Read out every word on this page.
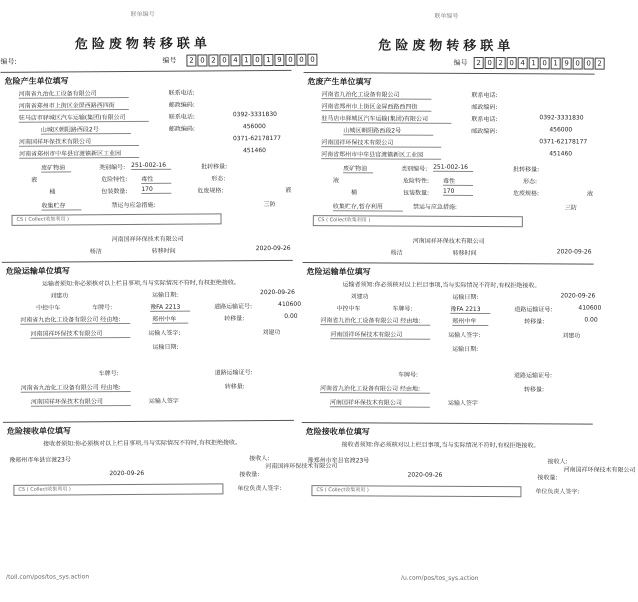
联单编号
危险废物转移联单
编号:	编号	2 0 2 0 4 1 0 1 9 0 0 0
危险产生单位填写
河南省九治化工设备有限公司	联系电话:
河南省郑州市上街区金屏西路西四街	邮政编码:
驻马店市驿城区汽车运输(集团)有限公司	联系电话:	0392-3331830
山城区朝阳路西段2号	邮政编码:	456000
河南国祥环保技术有限公司	0371-62178177
河南省郑州市中牟县官渡镇新区工业园	451460
废矿物油	类别编号: 251-002-16	批转移量:
液	危险特性: 毒性	形态:
桶	包装数量: 170	危废规格:	液
收集贮存	禁运与应急措施:	三防
CS ( Collect收集利用 )
河南国祥环保技术有限公司
杨洁	转移时间	2020-09-26
危险运输单位填写
运输者须知:你必须核对以上栏目事项,当与实际情况不符时,有权拒绝接收。
刘建功	运输日期:	2020-09-26
中控中车	车牌号:	豫FA 2213	道路运输证号:	410600
河南省九治化工设备有限公司 经由地:	郑州中牟	转移量:	0.00
河南国祥环保技术有限公司	运输人签字:	刘建功
运输日期:
车牌号:	道路运输证号:
河南省九治化工设备有限公司 经由地:	转移量:
河南国祥环保技术有限公司	运输人签字
危险接收单位填写
接收者须知:你必须核对以上栏目事项,当与实际情况不符时,有权拒绝接收。
豫郑州市牟县官渡23号	接收人:
河南国祥环保技术有限公司
2020-09-26	接收量:
CS ( Collect收集利用 )	单位负责人签字:
/toll.com/pos/tos_sys.action
联单编号
危险废物转移联单
编号	2 0 2 0 4 1 0 1 9 0 0 2
危废产生单位填写
河南省九治化工设备有限公司	联系电话:
河南省郑州市上街区金屏西路西四街	邮政编码:
驻马店市驿城区汽车运输(集团)有限公司	联系电话:	0392-3331830
山城区朝阳路西段2号	邮政编码:	456000
河南国祥环保技术有限公司	0371-62178177
河南省郑州市中牟县官渡镇新区工业园	451460
废矿物油	类别编号: 251-002-16	批转移量:
液	危险特性: 毒性	形态:
桶	包装数量: 170	危废规格:	液
收集贮存,暂存利用	禁运与应急措施:	三防
CS ( Collect收集利用 )
河南国祥环保技术有限公司
杨洁	转移时间	2020-09-26
危险运输单位填写
运输者须知:你必须核对以上栏目事项,当与实际情况不符时,有权拒绝接收。
刘建功	运输日期:	2020-09-26
中控中车	车牌号:	豫FA 2213	道路运输证号:	410600
河南省九治化工设备有限公司 经由地:	郑州中牟	转移量:	0.00
河南国祥环保技术有限公司	运输人签字:	刘建功
运输日期:
车牌号:	道路运输证号:
河南省九治化工设备有限公司 经由地:	转移量:
河南国祥环保技术有限公司	运输人签字
危险接收单位填写
接收者须知:你必须核对以上栏目事项,当与实际情况不符时,有权拒绝接收。
豫郑州市牟县官渡23号	接收人:
河南国祥环保技术有限公司
2020-09-26	接收量:
CS ( Collect收集利用 )	单位负责人签字:
/u.com/pos/tos_sys.action
